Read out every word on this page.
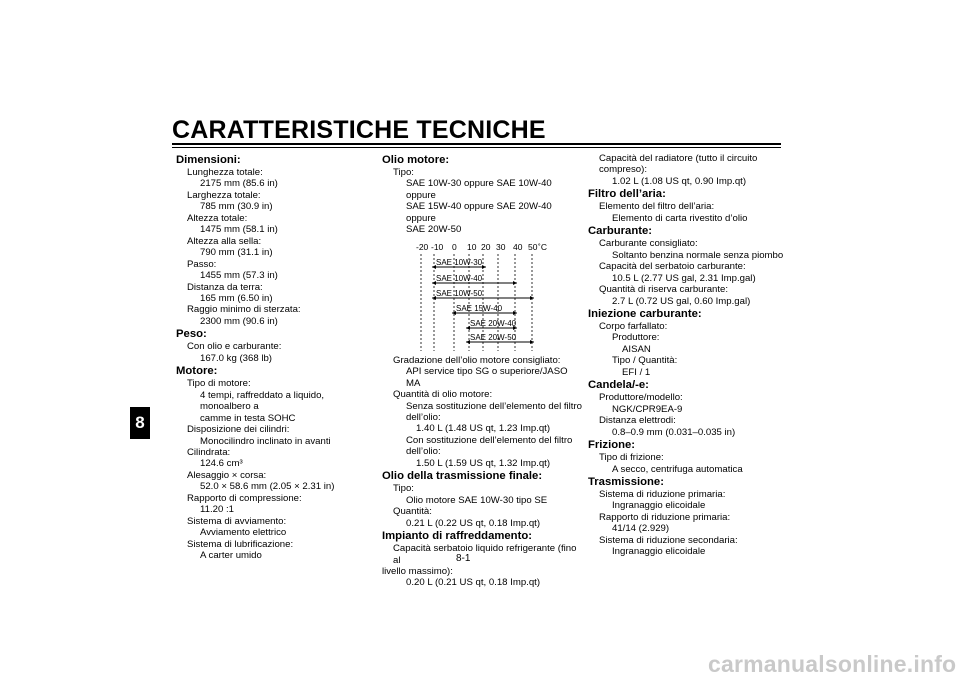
CARATTERISTICHE TECNICHE
8
Dimensioni:
Lunghezza totale:
2175 mm (85.6 in)
Larghezza totale:
785 mm (30.9 in)
Altezza totale:
1475 mm (58.1 in)
Altezza alla sella:
790 mm (31.1 in)
Passo:
1455 mm (57.3 in)
Distanza da terra:
165 mm (6.50 in)
Raggio minimo di sterzata:
2300 mm (90.6 in)
Peso:
Con olio e carburante:
167.0 kg (368 lb)
Motore:
Tipo di motore:
4 tempi, raffreddato a liquido, monoalbero a
camme in testa SOHC
Disposizione dei cilindri:
Monocilindro inclinato in avanti
Cilindrata:
124.6 cm³
Alesaggio × corsa:
52.0 × 58.6 mm (2.05 × 2.31 in)
Rapporto di compressione:
11.20 :1
Sistema di avviamento:
Avviamento elettrico
Sistema di lubrificazione:
A carter umido
Olio motore:
Tipo:
SAE 10W-30 oppure SAE 10W-40 oppure
SAE 15W-40 oppure SAE 20W-40 oppure
SAE 20W-50
-20 -10 0 10 20 30 40 50 ˚C
SAE 10W-30
SAE 10W-40
SAE 10W-50
SAE 15W-40
SAE 20W-40
SAE 20W-50
Gradazione dell’olio motore consigliato:
API service tipo SG o superiore/JASO MA
Quantità di olio motore:
Senza sostituzione dell’elemento del filtro
dell’olio:
1.40 L (1.48 US qt, 1.23 Imp.qt)
Con sostituzione dell’elemento del filtro
dell’olio:
1.50 L (1.59 US qt, 1.32 Imp.qt)
Olio della trasmissione finale:
Tipo:
Olio motore SAE 10W-30 tipo SE
Quantità:
0.21 L (0.22 US qt, 0.18 Imp.qt)
Impianto di raffreddamento:
Capacità serbatoio liquido refrigerante (fino al
livello massimo):
0.20 L (0.21 US qt, 0.18 Imp.qt)
Capacità del radiatore (tutto il circuito
compreso):
1.02 L (1.08 US qt, 0.90 Imp.qt)
Filtro dell’aria:
Elemento del filtro dell’aria:
Elemento di carta rivestito d’olio
Carburante:
Carburante consigliato:
Soltanto benzina normale senza piombo
Capacità del serbatoio carburante:
10.5 L (2.77 US gal, 2.31 Imp.gal)
Quantità di riserva carburante:
2.7 L (0.72 US gal, 0.60 Imp.gal)
Iniezione carburante:
Corpo farfallato:
Produttore:
AISAN
Tipo / Quantità:
EFI / 1
Candela/-e:
Produttore/modello:
NGK/CPR9EA-9
Distanza elettrodi:
0.8–0.9 mm (0.031–0.035 in)
Frizione:
Tipo di frizione:
A secco, centrifuga automatica
Trasmissione:
Sistema di riduzione primaria:
Ingranaggio elicoidale
Rapporto di riduzione primaria:
41/14 (2.929)
Sistema di riduzione secondaria:
Ingranaggio elicoidale
8-1
carmanualsonline.info
